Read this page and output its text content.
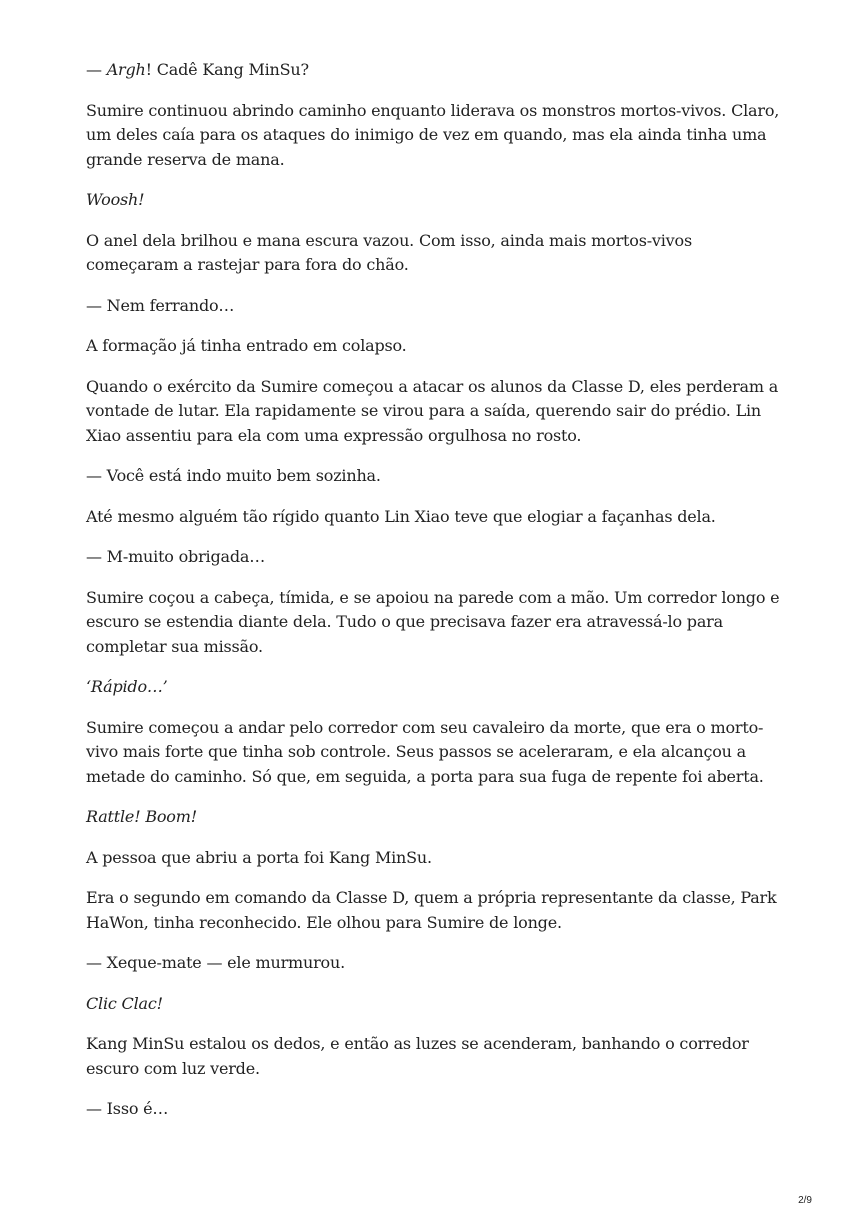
— Argh! Cadê Kang MinSu?

Sumire continuou abrindo caminho enquanto liderava os monstros mortos-vivos. Claro, um deles caía para os ataques do inimigo de vez em quando, mas ela ainda tinha uma grande reserva de mana.

Woosh!

O anel dela brilhou e mana escura vazou. Com isso, ainda mais mortos-vivos começaram a rastejar para fora do chão.

— Nem ferrando…

A formação já tinha entrado em colapso.

Quando o exército da Sumire começou a atacar os alunos da Classe D, eles perderam a vontade de lutar. Ela rapidamente se virou para a saída, querendo sair do prédio. Lin Xiao assentiu para ela com uma expressão orgulhosa no rosto.

— Você está indo muito bem sozinha.

Até mesmo alguém tão rígido quanto Lin Xiao teve que elogiar a façanhas dela.

— M-muito obrigada…

Sumire coçou a cabeça, tímida, e se apoiou na parede com a mão. Um corredor longo e escuro se estendia diante dela. Tudo o que precisava fazer era atravessá-lo para completar sua missão.

‘Rápido…’

Sumire começou a andar pelo corredor com seu cavaleiro da morte, que era o morto-vivo mais forte que tinha sob controle. Seus passos se aceleraram, e ela alcançou a metade do caminho. Só que, em seguida, a porta para sua fuga de repente foi aberta.

Rattle! Boom!

A pessoa que abriu a porta foi Kang MinSu.

Era o segundo em comando da Classe D, quem a própria representante da classe, Park HaWon, tinha reconhecido. Ele olhou para Sumire de longe.

— Xeque-mate — ele murmurou.

Clic Clac!

Kang MinSu estalou os dedos, e então as luzes se acenderam, banhando o corredor escuro com luz verde.

— Isso é…

2/9
